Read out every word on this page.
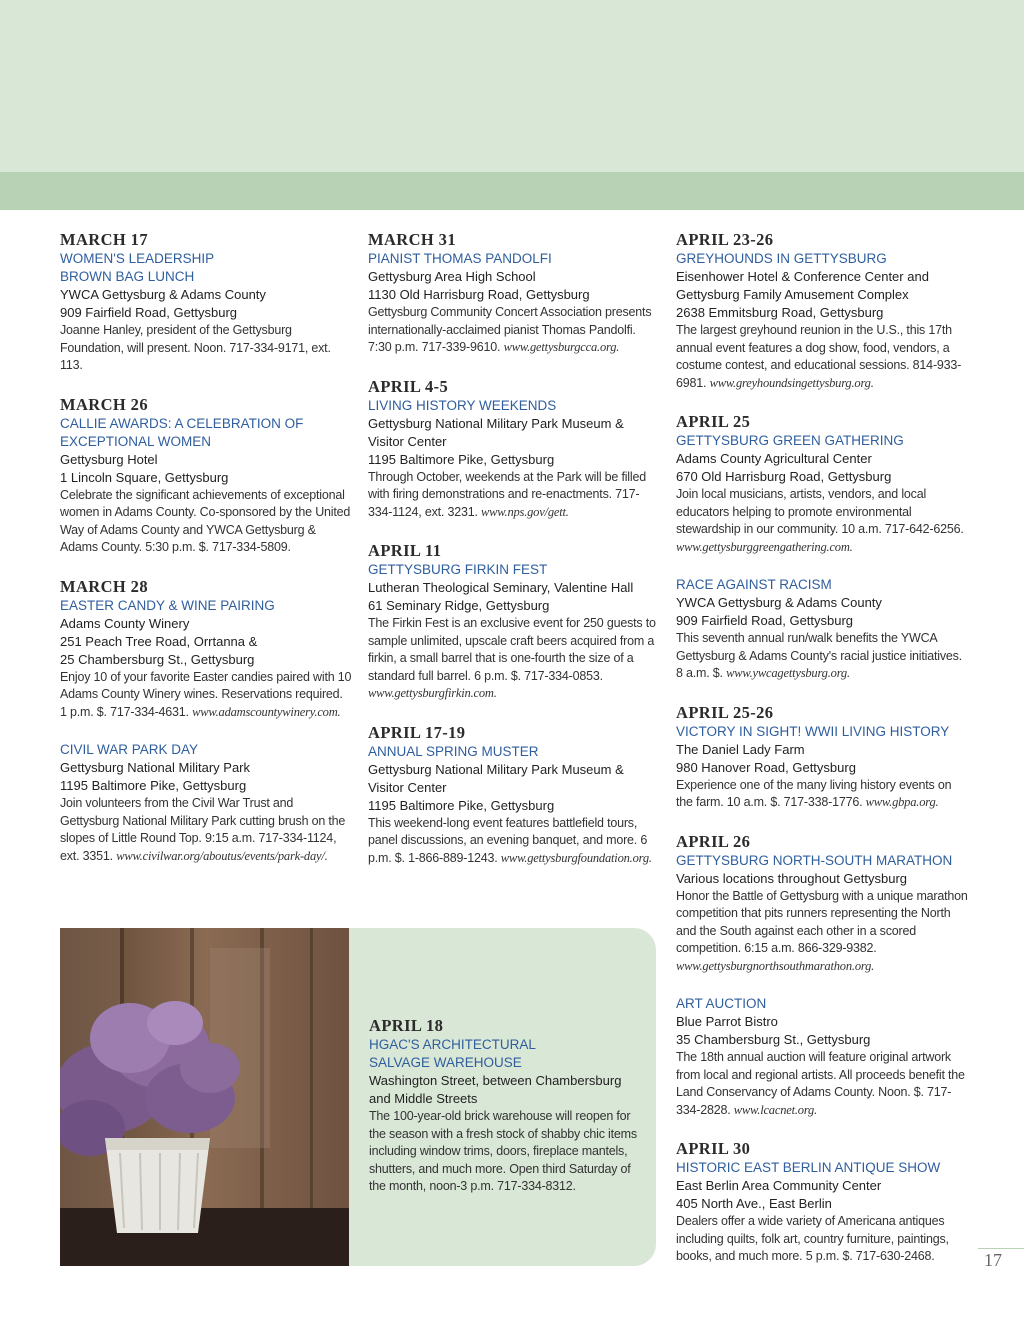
MARCH 17
WOMEN'S LEADERSHIP
BROWN BAG LUNCH
YWCA Gettysburg & Adams County
909 Fairfield Road, Gettysburg
Joanne Hanley, president of the Gettysburg Foundation, will present. Noon. 717-334-9171, ext. 113.
MARCH 26
CALLIE AWARDS: A CELEBRATION OF
EXCEPTIONAL WOMEN
Gettysburg Hotel
1 Lincoln Square, Gettysburg
Celebrate the significant achievements of exceptional women in Adams County. Co-sponsored by the United Way of Adams County and YWCA Gettysburg & Adams County. 5:30 p.m. $. 717-334-5809.
MARCH 28
EASTER CANDY & WINE PAIRING
Adams County Winery
251 Peach Tree Road, Orrtanna &
25 Chambersburg St., Gettysburg
Enjoy 10 of your favorite Easter candies paired with 10 Adams County Winery wines. Reservations required. 1 p.m. $. 717-334-4631. www.adamscountywinery.com.
CIVIL WAR PARK DAY
Gettysburg National Military Park
1195 Baltimore Pike, Gettysburg
Join volunteers from the Civil War Trust and Gettysburg National Military Park cutting brush on the slopes of Little Round Top. 9:15 a.m. 717-334-1124, ext. 3351. www.civilwar.org/aboutus/events/park-day/.
MARCH 31
PIANIST THOMAS PANDOLFI
Gettysburg Area High School
1130 Old Harrisburg Road, Gettysburg
Gettysburg Community Concert Association presents internationally-acclaimed pianist Thomas Pandolfi. 7:30 p.m. 717-339-9610. www.gettysburgcca.org.
APRIL 4-5
LIVING HISTORY WEEKENDS
Gettysburg National Military Park Museum &
Visitor Center
1195 Baltimore Pike, Gettysburg
Through October, weekends at the Park will be filled with firing demonstrations and re-enactments. 717-334-1124, ext. 3231. www.nps.gov/gett.
APRIL 11
GETTYSBURG FIRKIN FEST
Lutheran Theological Seminary, Valentine Hall
61 Seminary Ridge, Gettysburg
The Firkin Fest is an exclusive event for 250 guests to sample unlimited, upscale craft beers acquired from a firkin, a small barrel that is one-fourth the size of a standard full barrel. 6 p.m. $. 717-334-0853. www.gettysburgfirkin.com.
APRIL 17-19
ANNUAL SPRING MUSTER
Gettysburg National Military Park Museum &
Visitor Center
1195 Baltimore Pike, Gettysburg
This weekend-long event features battlefield tours, panel discussions, an evening banquet, and more. 6 p.m. $. 1-866-889-1243. www.gettysburgfoundation.org.
APRIL 23-26
GREYHOUNDS IN GETTYSBURG
Eisenhower Hotel & Conference Center and
Gettysburg Family Amusement Complex
2638 Emmitsburg Road, Gettysburg
The largest greyhound reunion in the U.S., this 17th annual event features a dog show, food, vendors, a costume contest, and educational sessions. 814-933-6981. www.greyhoundsingettysburg.org.
APRIL 25
GETTYSBURG GREEN GATHERING
Adams County Agricultural Center
670 Old Harrisburg Road, Gettysburg
Join local musicians, artists, vendors, and local educators helping to promote environmental stewardship in our community. 10 a.m. 717-642-6256. www.gettysburggreengathering.com.
RACE AGAINST RACISM
YWCA Gettysburg & Adams County
909 Fairfield Road, Gettysburg
This seventh annual run/walk benefits the YWCA Gettysburg & Adams County's racial justice initiatives. 8 a.m. $. www.ywcagettysburg.org.
APRIL 25-26
VICTORY IN SIGHT! WWII LIVING HISTORY
The Daniel Lady Farm
980 Hanover Road, Gettysburg
Experience one of the many living history events on the farm. 10 a.m. $. 717-338-1776. www.gbpa.org.
APRIL 26
GETTYSBURG NORTH-SOUTH MARATHON
Various locations throughout Gettysburg
Honor the Battle of Gettysburg with a unique marathon competition that pits runners representing the North and the South against each other in a scored competition. 6:15 a.m. 866-329-9382. www.gettysburgnorthsouthmarathon.org.
ART AUCTION
Blue Parrot Bistro
35 Chambersburg St., Gettysburg
The 18th annual auction will feature original artwork from local and regional artists. All proceeds benefit the Land Conservancy of Adams County. Noon. $. 717-334-2828. www.lcacnet.org.
APRIL 30
HISTORIC EAST BERLIN ANTIQUE SHOW
East Berlin Area Community Center
405 North Ave., East Berlin
Dealers offer a wide variety of Americana antiques including quilts, folk art, country furniture, paintings, books, and much more. 5 p.m. $. 717-630-2468.
APRIL 18
HGAC'S ARCHITECTURAL
SALVAGE WAREHOUSE
Washington Street, between Chambersburg
and Middle Streets
The 100-year-old brick warehouse will reopen for the season with a fresh stock of shabby chic items including window trims, doors, fireplace mantels, shutters, and much more. Open third Saturday of the month, noon-3 p.m. 717-334-8312.
17
